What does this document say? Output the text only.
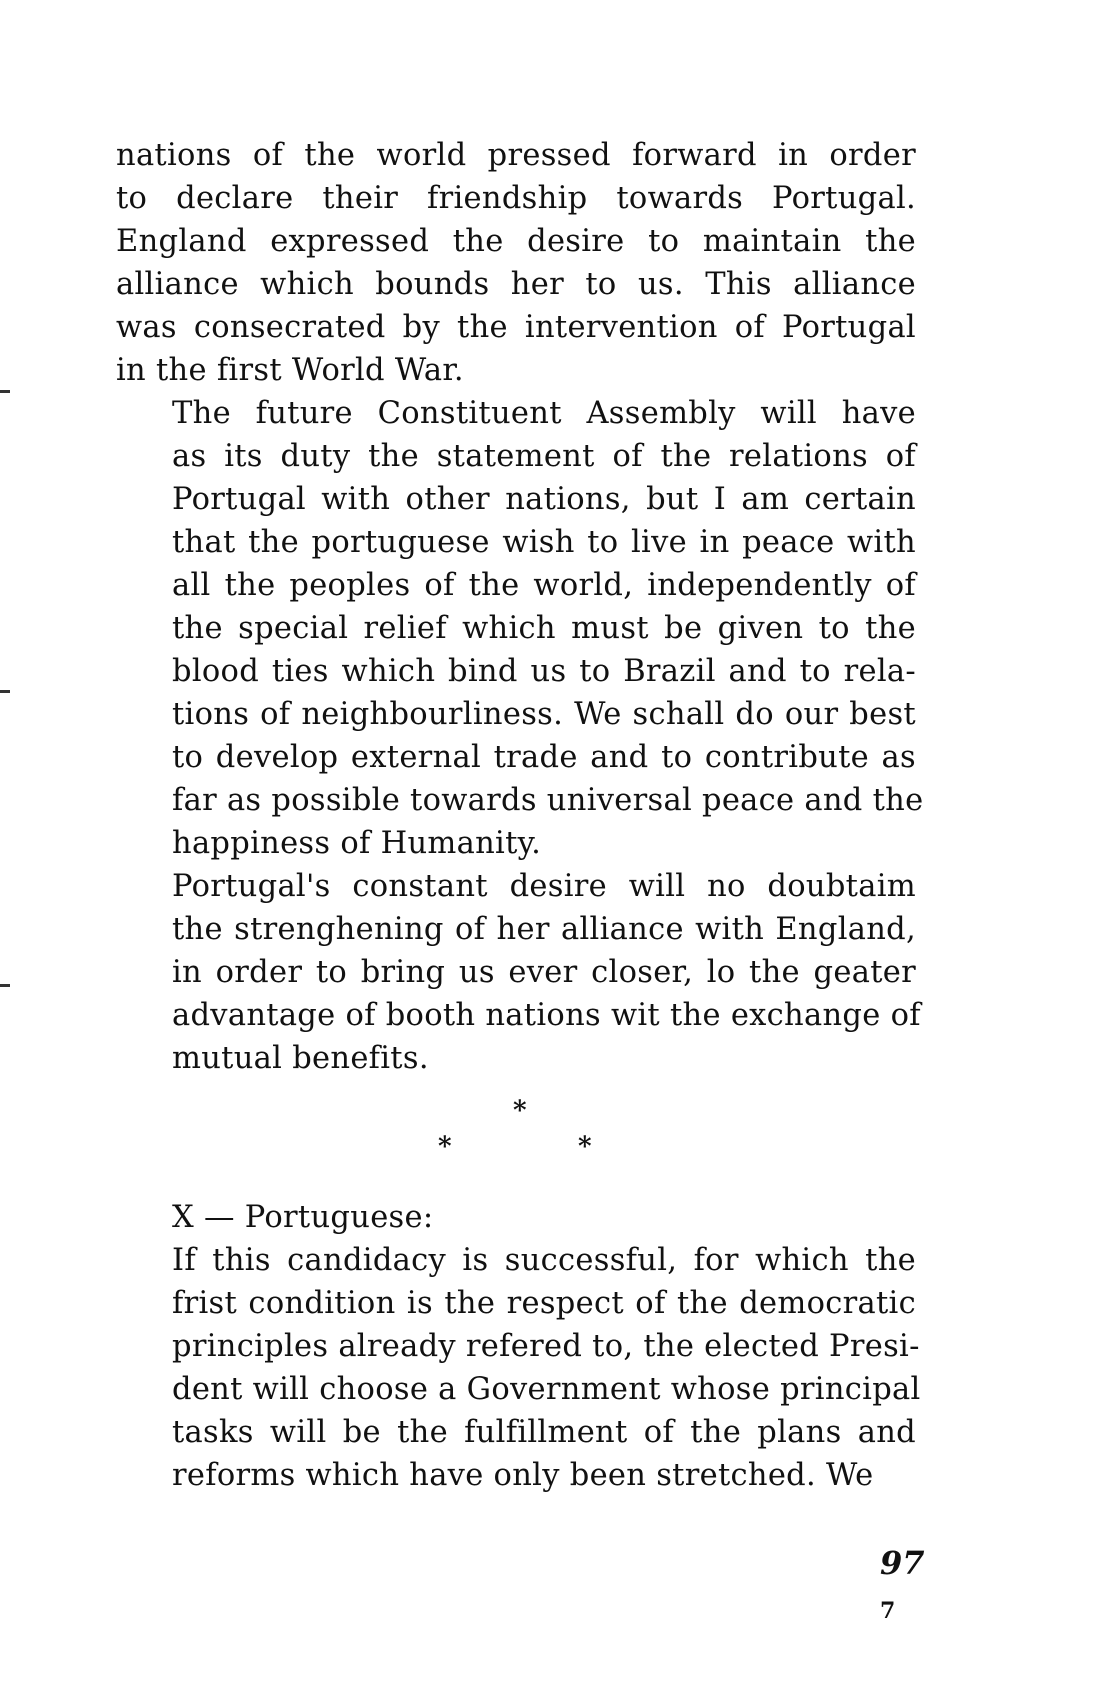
nations of the world pressed forward in order
to declare their friendship towards Portugal.
England expressed the desire to maintain the
alliance which bounds her to us. This alliance
was consecrated by the intervention of Portugal
in the first World War.
The future Constituent Assembly will have
as its duty the statement of the relations of
Portugal with other nations, but I am certain
that the portuguese wish to live in peace with
all the peoples of the world, independently of
the special relief which must be given to the
blood ties which bind us to Brazil and to rela-
tions of neighbourliness. We schall do our best
to develop external trade and to contribute as
far as possible towards universal peace and the
happiness of Humanity.
Portugal's constant desire will no doubtaim
the strenghening of her alliance with England,
in order to bring us ever closer, lo the geater
advantage of booth nations wit the exchange of
mutual benefits.
*
*	*
X — Portuguese:
If this candidacy is successful, for which the
frist condition is the respect of the democratic
principles already refered to, the elected Presi-
dent will choose a Government whose principal
tasks will be the fulfillment of the plans and
reforms which have only been stretched. We
97
7
